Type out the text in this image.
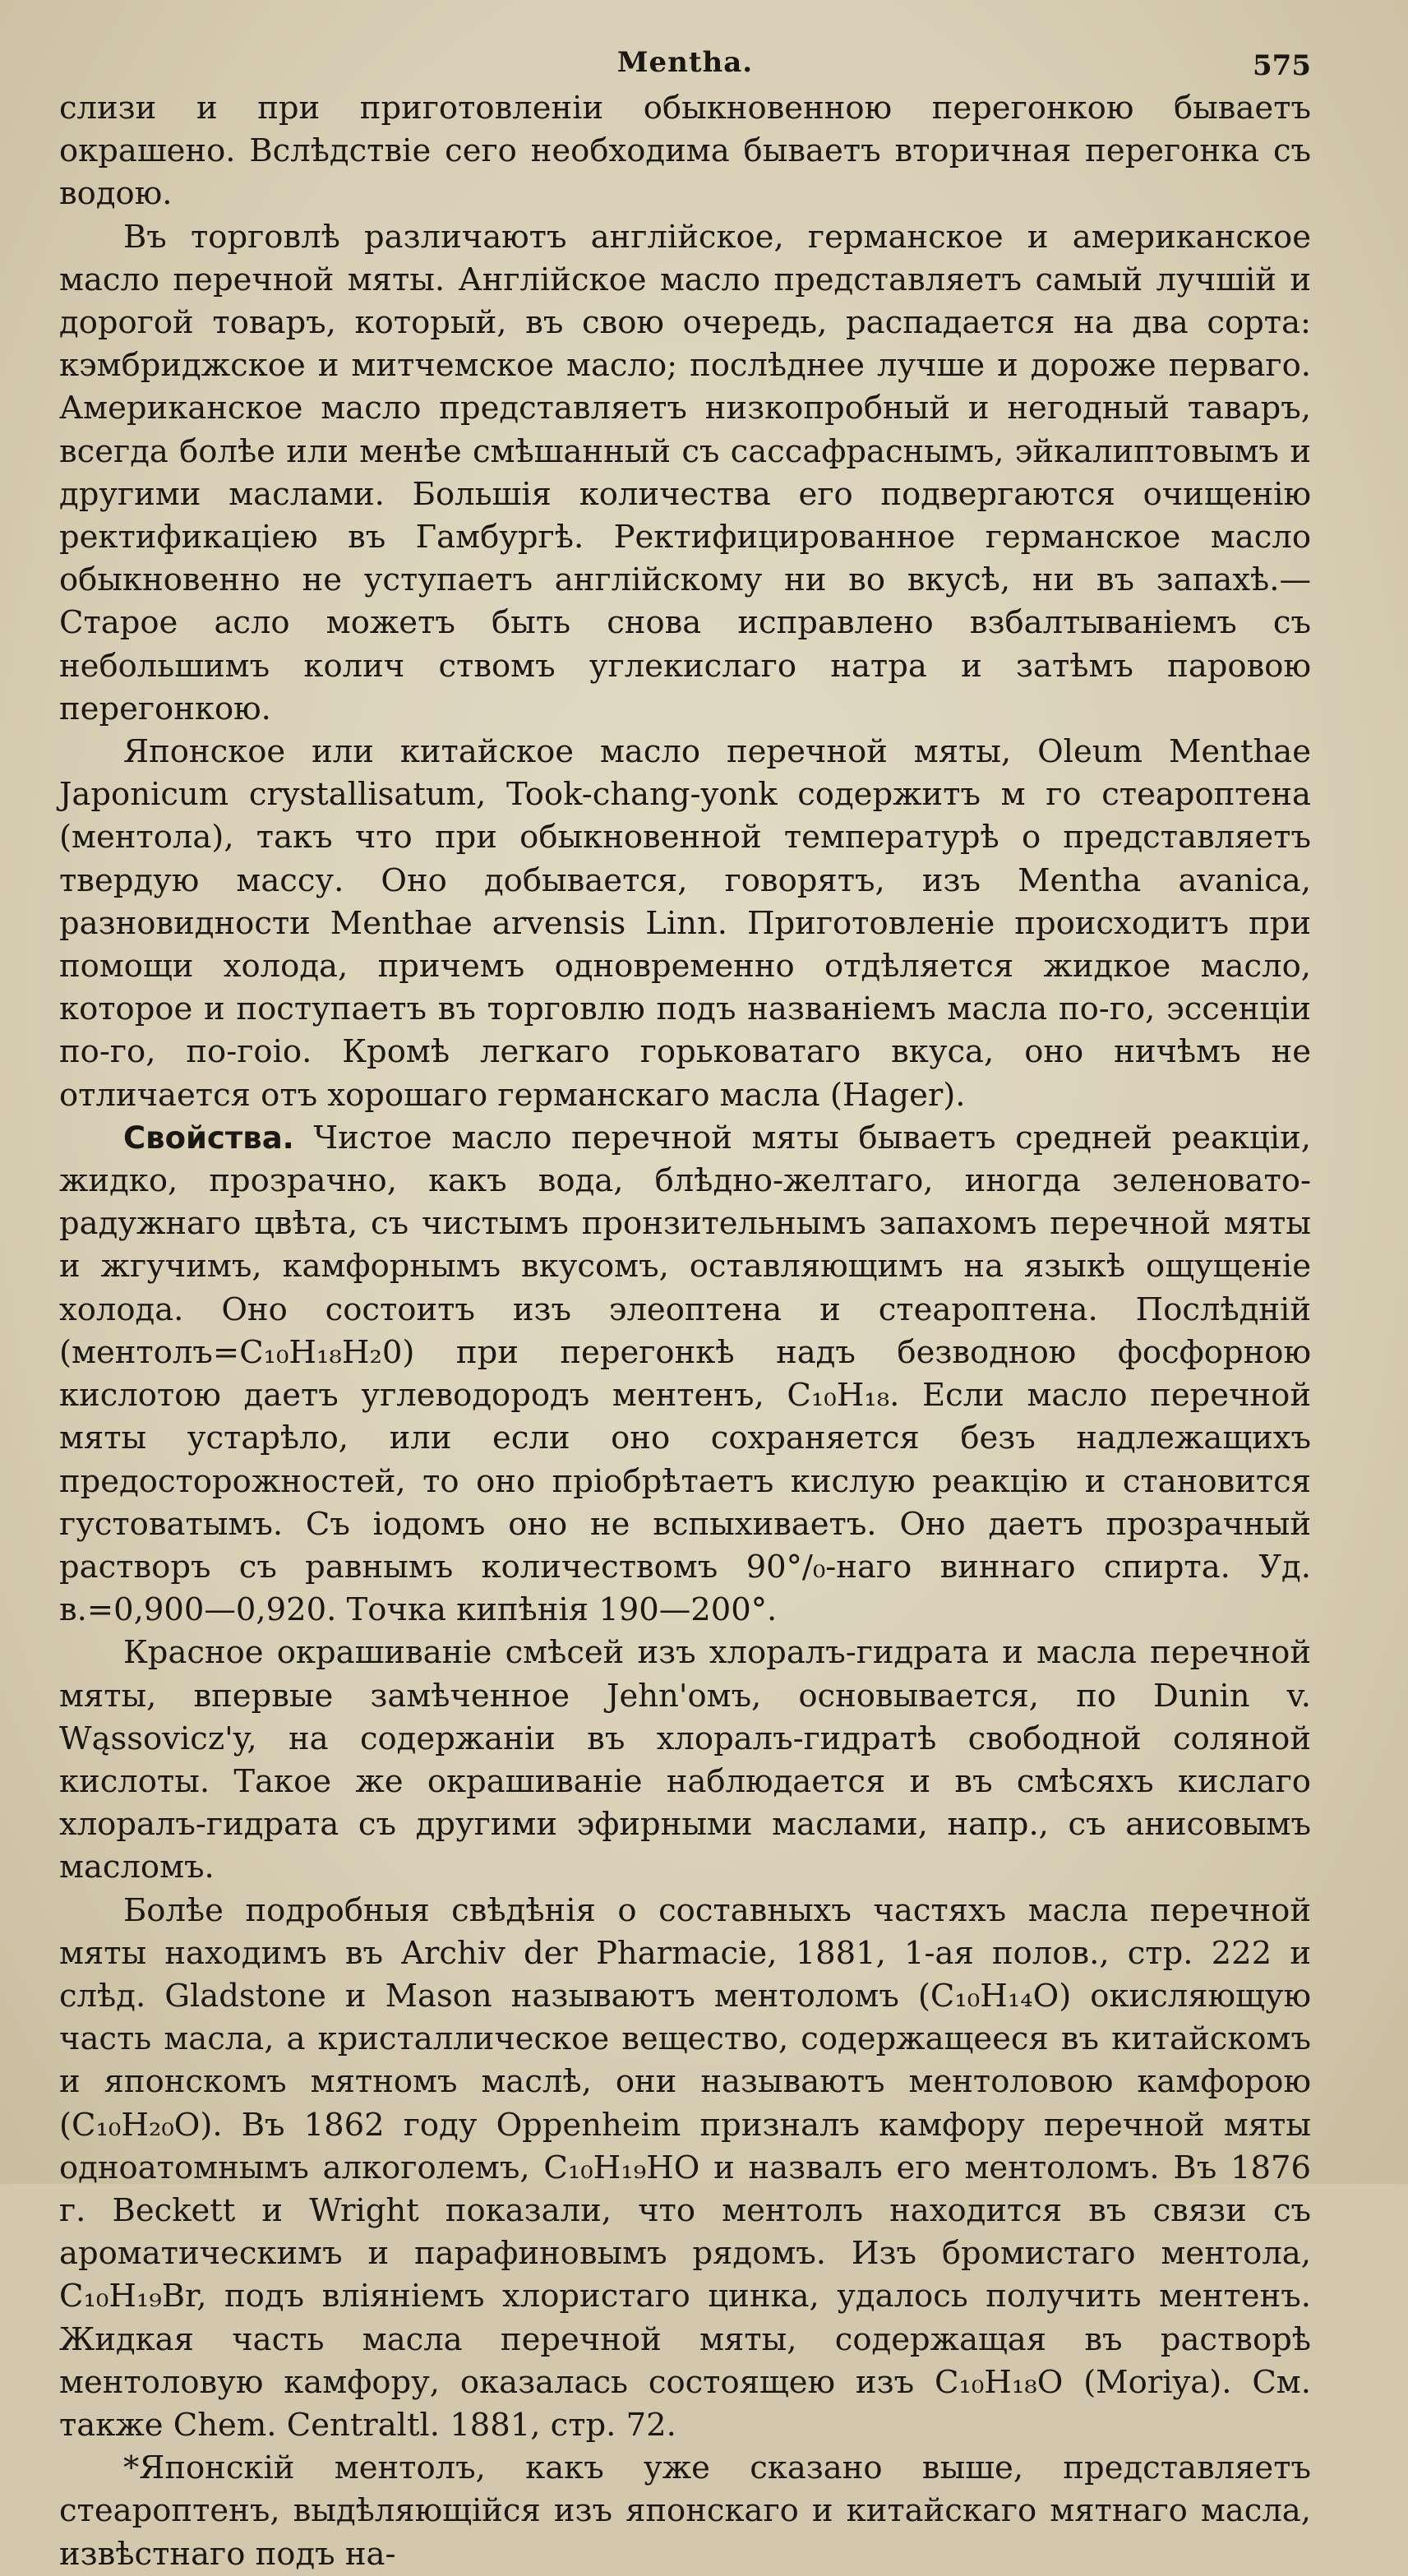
Mentha.	575

слизи и при приготовленіи обыкновенною перегонкою бываетъ окрашено. Вслѣдствіе сего необходима бываетъ вторичная перегонка съ водою.

Въ торговлѣ различаютъ англійское, германское и американское масло перечной мяты. Англійское масло представляетъ самый лучшій и дорогой товаръ, который, въ свою очередь, распадается на два сорта: кэмбриджское и митчемское масло; послѣднее лучше и дороже перваго. Американское масло представляетъ низкопробный и негодный таваръ, всегда болѣе или менѣе смѣшанный съ сассафраснымъ, эйкалиптовымъ и другими маслами. Большія количества его подвергаются очищенію ректификаціею въ Гамбургѣ. Ректифицированное германское масло обыкновенно не уступаетъ англійскому ни во вкусѣ, ни въ запахѣ.—Старое асло можетъ быть снова исправлено взбалтываніемъ съ небольшимъ колич ствомъ углекислаго натра и затѣмъ паровою перегонкою.

Японское или китайское масло перечной мяты, Oleum Menthae Japonicum crystallisatum, Took-chang-yonk содержитъ м го стеароптена (ментола), такъ что при обыкновенной температурѣ о представляетъ твердую массу. Оно добывается, говорятъ, изъ Mentha avanica, разновидности Menthae arvensis Linn. Приготовленіе происходитъ при помощи холода, причемъ одновременно отдѣляется жидкое масло, которое и поступаетъ въ торговлю подъ названіемъ масла по-го, эссенціи по-го, по-гоіо. Кромѣ легкаго горьковатаго вкуса, оно ничѣмъ не отличается отъ хорошаго германскаго масла (Hager).

Свойства. Чистое масло перечной мяты бываетъ средней реакціи, жидко, прозрачно, какъ вода, блѣдно-желтаго, иногда зеленовато-радужнаго цвѣта, съ чистымъ пронзительнымъ запахомъ перечной мяты и жгучимъ, камфорнымъ вкусомъ, оставляющимъ на языкѣ ощущеніе холода. Оно состоитъ изъ элеоптена и стеароптена. Послѣдній (ментолъ=C₁₀H₁₈H₂0) при перегонкѣ надъ безводною фосфорною кислотою даетъ углеводородъ ментенъ, C₁₀H₁₈. Если масло перечной мяты устарѣло, или если оно сохраняется безъ надлежащихъ предосторожностей, то оно пріобрѣтаетъ кислую реакцію и становится густоватымъ. Съ іодомъ оно не вспыхиваетъ. Оно даетъ прозрачный растворъ съ равнымъ количествомъ 90°/₀-наго виннаго спирта. Уд. в.=0,900—0,920. Точка кипѣнія 190—200°.

Красное окрашиваніе смѣсей изъ хлоралъ-гидрата и масла перечной мяты, впервые замѣченное Jehn'омъ, основывается, по Dunin v. Wąssovicz'y, на содержаніи въ хлоралъ-гидратѣ свободной соляной кислоты. Такое же окрашиваніе наблюдается и въ смѣсяхъ кислаго хлоралъ-гидрата съ другими эфирными маслами, напр., съ анисовымъ масломъ.

Болѣе подробныя свѣдѣнія о составныхъ частяхъ масла перечной мяты находимъ въ Archiv der Pharmacie, 1881, 1-ая полов., стр. 222 и слѣд. Gladstone и Mason называютъ ментоломъ (C₁₀H₁₄O) окисляющую часть масла, а кристаллическое вещество, содержащееся въ китайскомъ и японскомъ мятномъ маслѣ, они называютъ ментоловою камфорою (C₁₀H₂₀O). Въ 1862 году Oppenheim призналъ камфору перечной мяты одноатомнымъ алкоголемъ, C₁₀H₁₉HO и назвалъ его ментоломъ. Въ 1876 г. Beckett и Wright показали, что ментолъ находится въ связи съ ароматическимъ и парафиновымъ рядомъ. Изъ бромистаго ментола, C₁₀H₁₉Br, подъ вліяніемъ хлористаго цинка, удалось получить ментенъ. Жидкая часть масла перечной мяты, содержащая въ растворѣ ментоловую камфору, оказалась состоящею изъ C₁₀H₁₈O (Moriya). См. также Chem. Centraltl. 1881, стр. 72.

*Японскій ментолъ, какъ уже сказано выше, представляетъ стеароптенъ, выдѣляющійся изъ японскаго и китайскаго мятнаго масла, извѣстнаго подъ на-
